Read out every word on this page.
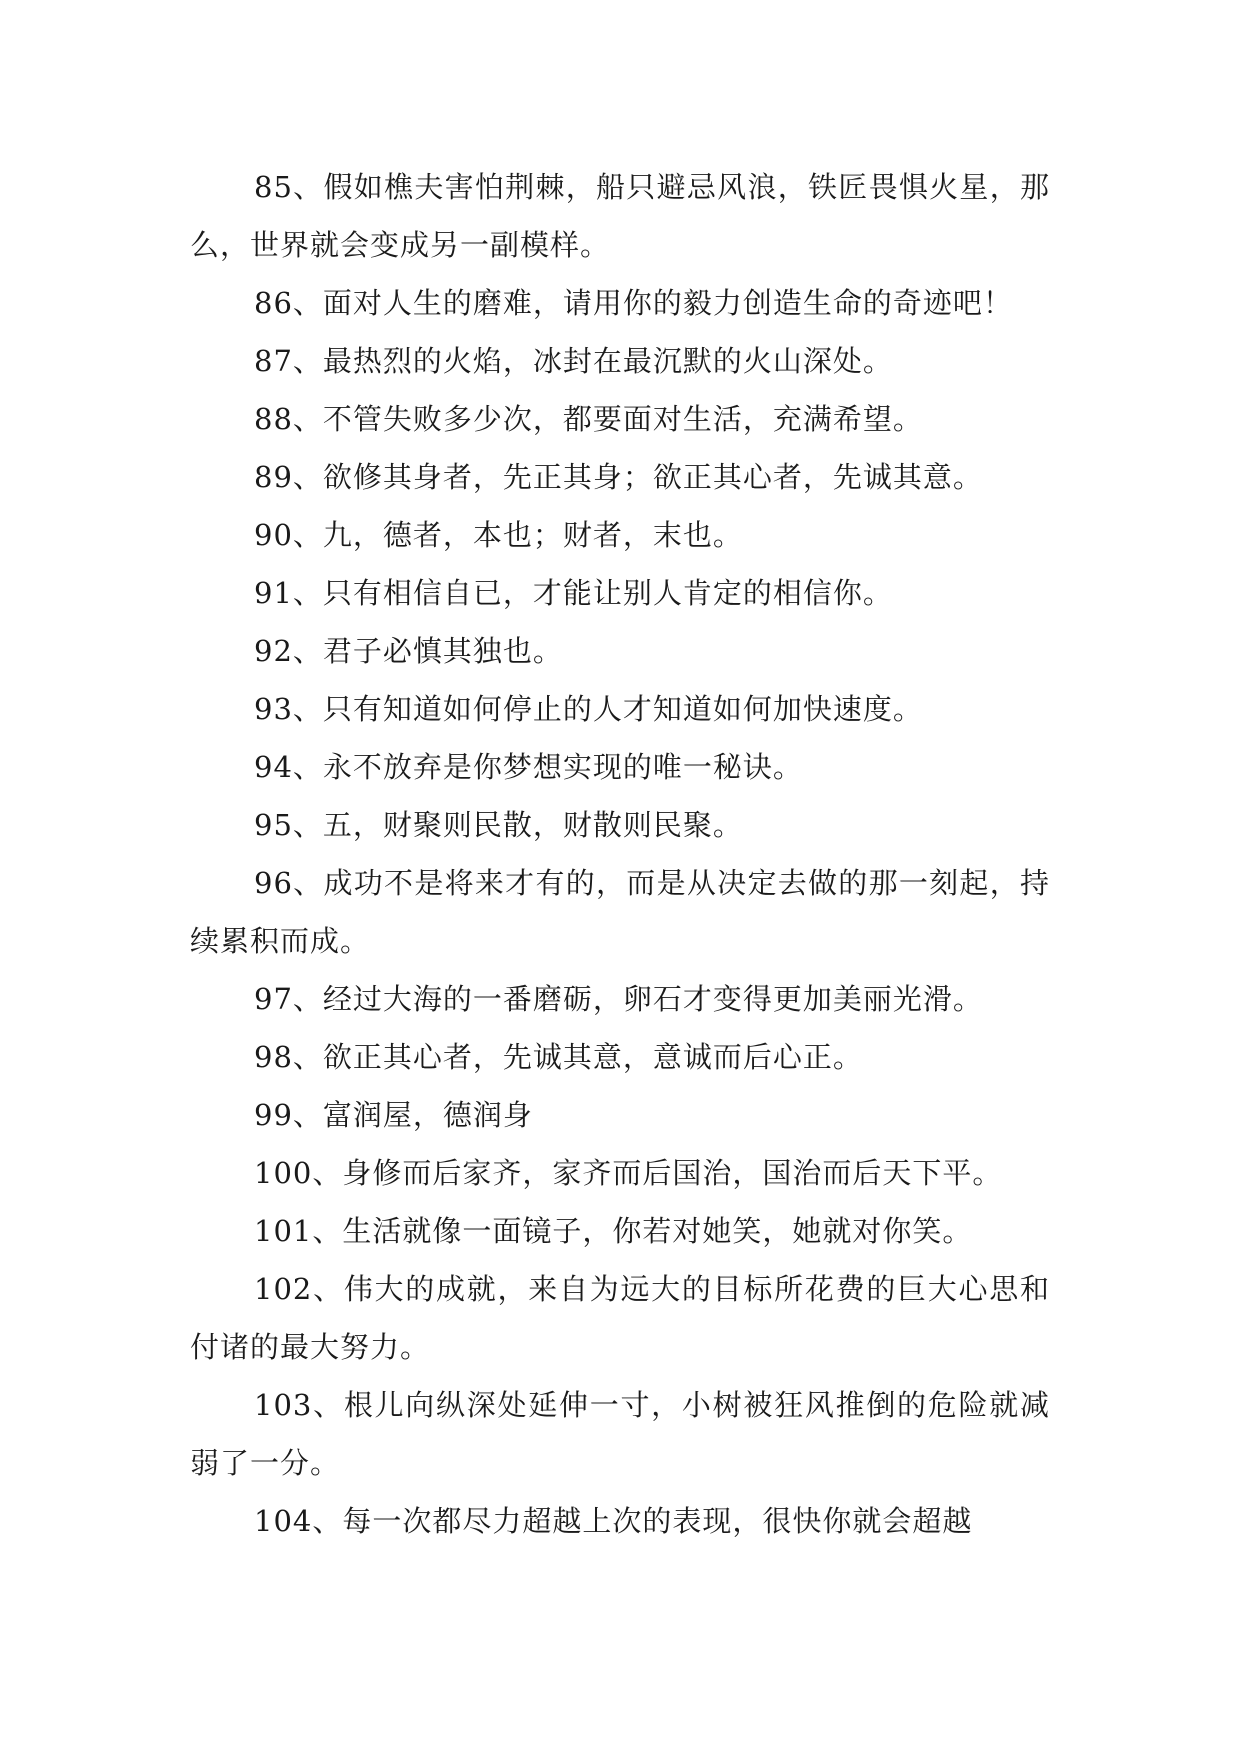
85、假如樵夫害怕荆棘，船只避忌风浪，铁匠畏惧火星，那么，世界就会变成另一副模样。

86、面对人生的磨难，请用你的毅力创造生命的奇迹吧！

87、最热烈的火焰，冰封在最沉默的火山深处。

88、不管失败多少次，都要面对生活，充满希望。

89、欲修其身者，先正其身；欲正其心者，先诚其意。

90、九，德者，本也；财者，末也。

91、只有相信自已，才能让别人肯定的相信你。

92、君子必慎其独也。

93、只有知道如何停止的人才知道如何加快速度。

94、永不放弃是你梦想实现的唯一秘诀。

95、五，财聚则民散，财散则民聚。

96、成功不是将来才有的，而是从决定去做的那一刻起，持续累积而成。

97、经过大海的一番磨砺，卵石才变得更加美丽光滑。

98、欲正其心者，先诚其意，意诚而后心正。

99、富润屋，德润身

100、身修而后家齐，家齐而后国治，国治而后天下平。

101、生活就像一面镜子，你若对她笑，她就对你笑。

102、伟大的成就，来自为远大的目标所花费的巨大心思和付诸的最大努力。

103、根儿向纵深处延伸一寸，小树被狂风推倒的危险就减弱了一分。

104、每一次都尽力超越上次的表现，很快你就会超越
